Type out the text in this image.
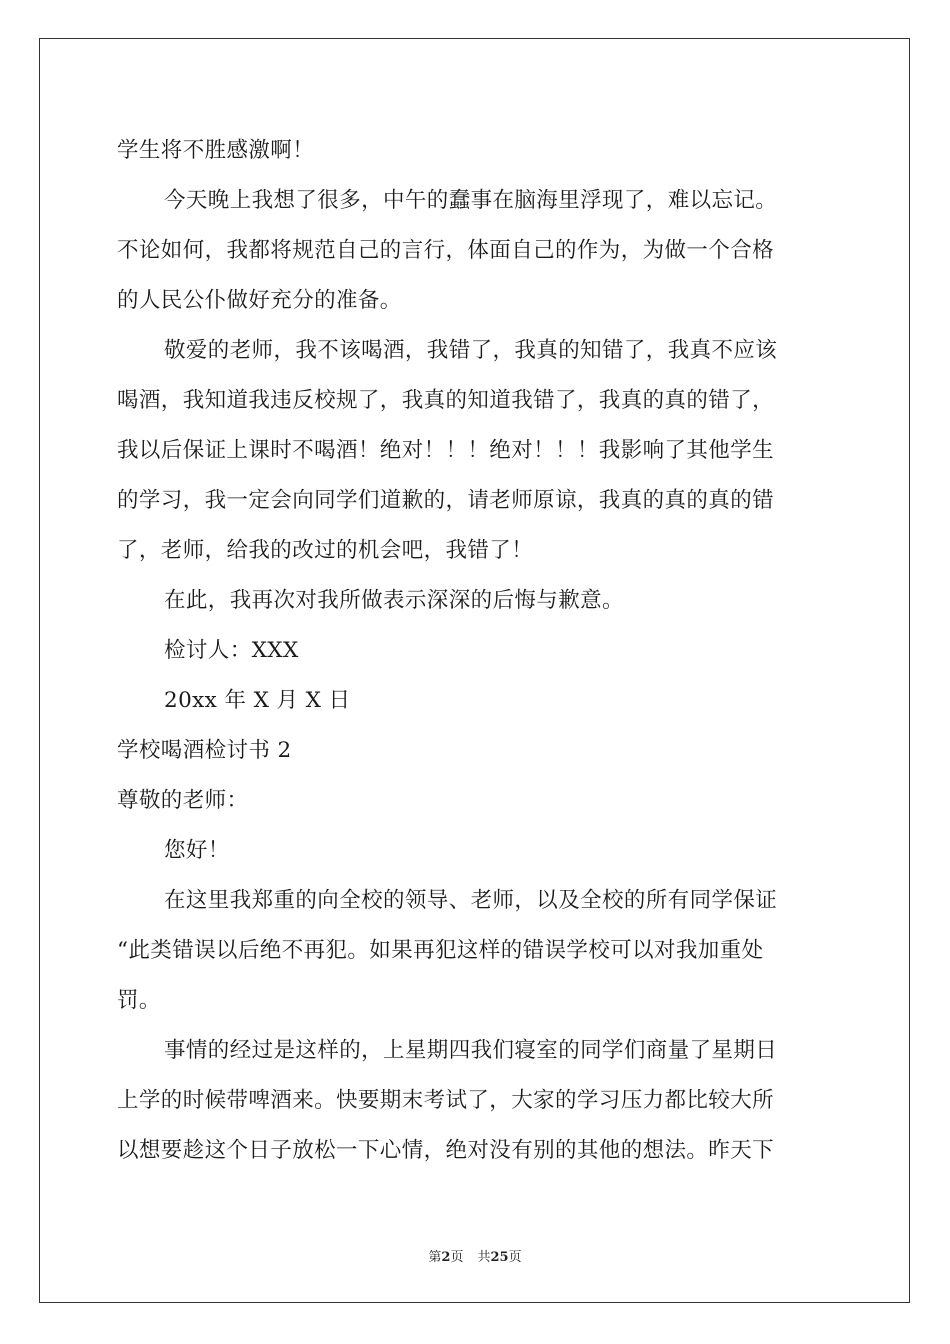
学生将不胜感激啊！
今天晚上我想了很多，中午的蠢事在脑海里浮现了，难以忘记。
不论如何，我都将规范自己的言行，体面自己的作为，为做一个合格
的人民公仆做好充分的准备。
敬爱的老师，我不该喝酒，我错了，我真的知错了，我真不应该
喝酒，我知道我违反校规了，我真的知道我错了，我真的真的错了，
我以后保证上课时不喝酒！绝对！！！绝对！！！我影响了其他学生
的学习，我一定会向同学们道歉的，请老师原谅，我真的真的真的错
了，老师，给我的改过的机会吧，我错了！
在此，我再次对我所做表示深深的后悔与歉意。
检讨人：XXX
20xx 年 X 月 X 日
学校喝酒检讨书 2
尊敬的老师：
您好！
在这里我郑重的向全校的领导、老师，以及全校的所有同学保证
“此类错误以后绝不再犯。如果再犯这样的错误学校可以对我加重处
罚。
事情的经过是这样的，上星期四我们寝室的同学们商量了星期日
上学的时候带啤酒来。快要期末考试了，大家的学习压力都比较大所
以想要趁这个日子放松一下心情，绝对没有别的其他的想法。昨天下
第2页 共25页
